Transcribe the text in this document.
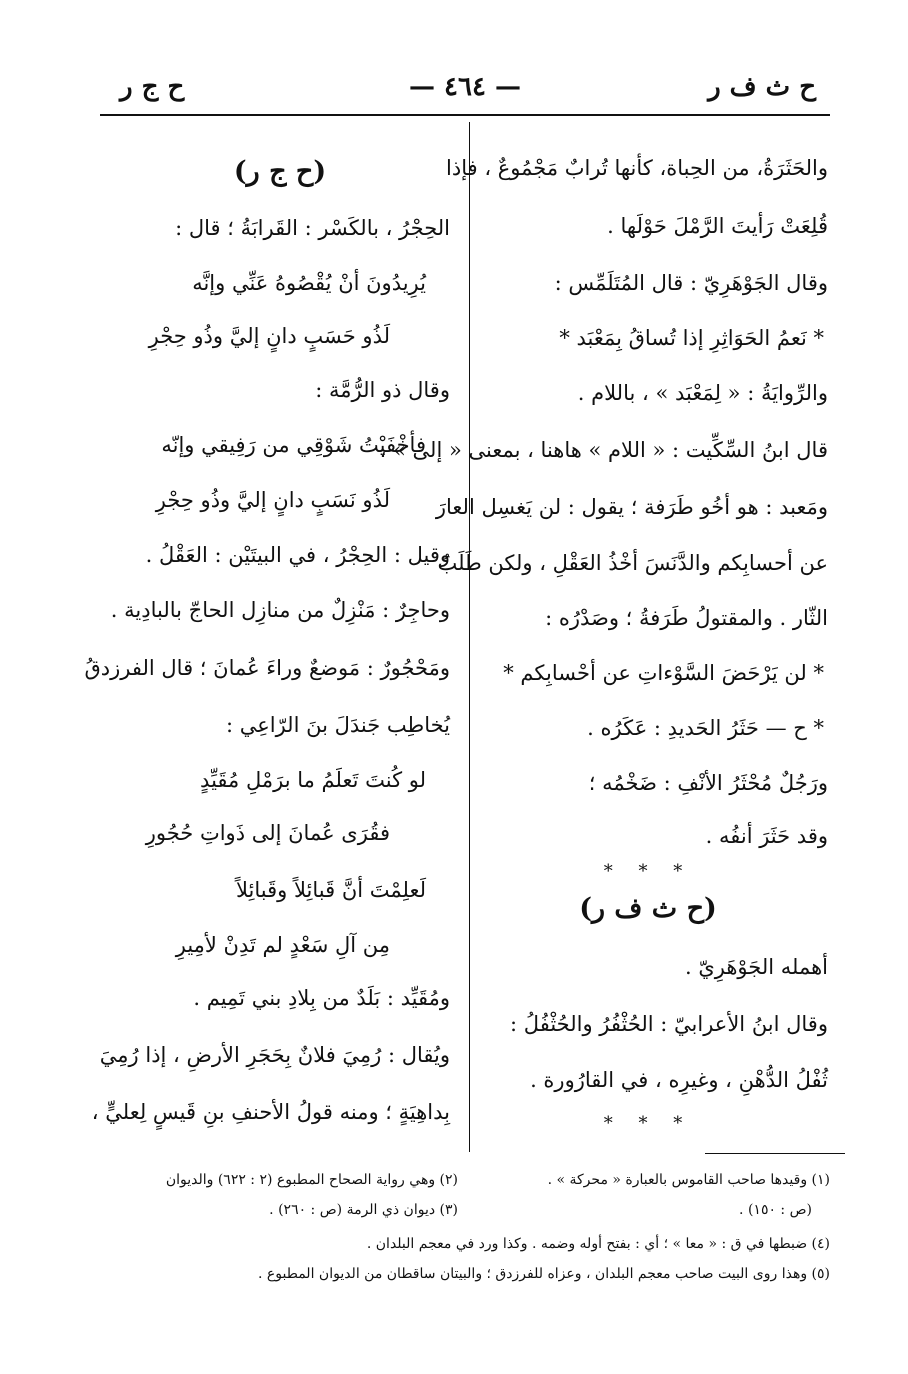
ح ث ف ر
— ٤٦٤ —
ح ج ر
والحَثَرَةُ، من الحِباة، كأنها تُرابٌ مَجْمُوعٌ ، فإذا
قُلِعَتْ رَأيتَ الرَّمْلَ حَوْلَها .
وقال الجَوْهَرِيّ : قال المُتَلَمِّس :
* نَعمُ الحَوَاثِرِ إذا تُساقُ بِمَعْبَد *
والرِّوايَةُ : « لِمَعْبَد » ، باللام .
قال ابنُ السِّكِّيت : « اللام » هاهنا ، بمعنى « إلى » ،
ومَعبد : هو أخُو طَرَفة ؛ يقول : لن يَغسِل العارَ
عن أحسابِكم والدَّنَسَ أخْذُ العَقْلِ ، ولكن طَلَبُ
الثّار . والمقتولُ طَرَفةُ ؛ وصَدْرُه :
* لن يَرْحَضَ السَّوْءاتِ عن أحْسابِكم *
* ح — حَثَرُ الحَديدِ : عَكَرُه .
ورَجُلٌ مُحْثَرُ الأنْفِ : ضَخْمُه ؛
وقد حَثَرَ أنفُه .
* * *
(ح ث ف ر)
أهمله الجَوْهَرِيّ .
وقال ابنُ الأعرابيّ : الحُثْفُرُ والحُثْفُلُ :
ثُفْلُ الدُّهْنِ ، وغيرِه ، في القارُورة .
* * *
(ح ج ر)
الحِجْرُ ، بالكَسْر : القَرابَةُ ؛ قال :
يُرِيدُونَ أنْ يُقْصُوهُ عَنِّي وإنَّه
لَذُو حَسَبٍ دانٍ إليَّ وذُو حِجْرِ
وقال ذو الرُّمَّة :
فأخْفَيْتُ شَوْقِي من رَفِيقي وإنّه
لَذُو نَسَبٍ دانٍ إليَّ وذُو حِجْرِ
وقيل : الحِجْرُ ، في البيتَيْن : العَقْلُ .
وحاجِرٌ : مَنْزِلٌ من منازِل الحاجّ بالبادِية .
ومَحْجُورٌ : مَوضعٌ وراءَ عُمانَ ؛ قال الفرزدقُ
يُخاطِب جَندَلَ بنَ الرّاعِي :
لو كُنتَ تَعلَمُ ما برَمْلِ مُقَيِّدٍ
فقُرَى عُمانَ إلى ذَواتِ حُجُورِ
لَعلِمْتَ أنَّ قَبائِلاً وقَبائِلاً
مِن آلِ سَعْدٍ لم تَدِنْ لأمِيرِ
ومُقَيِّد : بَلَدٌ من بِلادِ بني تَمِيم .
ويُقال : رُمِيَ فلانٌ بِحَجَرِ الأرضِ ، إذا رُمِيَ
بِداهِيَةٍ ؛ ومنه قولُ الأحنفِ بنِ قَيسٍ لِعليٍّ ،
(١) وقيدها صاحب القاموس بالعبارة « محركة » .
(٢) وهي رواية الصحاح المطبوع (٢ : ٦٢٢) والديوان
(ص : ١٥٠) .
(٣) ديوان ذي الرمة (ص : ٢٦٠) .
(٤) ضبطها في ق : « معا » ؛ أي : بفتح أوله وضمه . وكذا ورد في معجم البلدان .
(٥) وهذا روى البيت صاحب معجم البلدان ، وعزاه للفرزدق ؛ والبيتان ساقطان من الديوان المطبوع .
